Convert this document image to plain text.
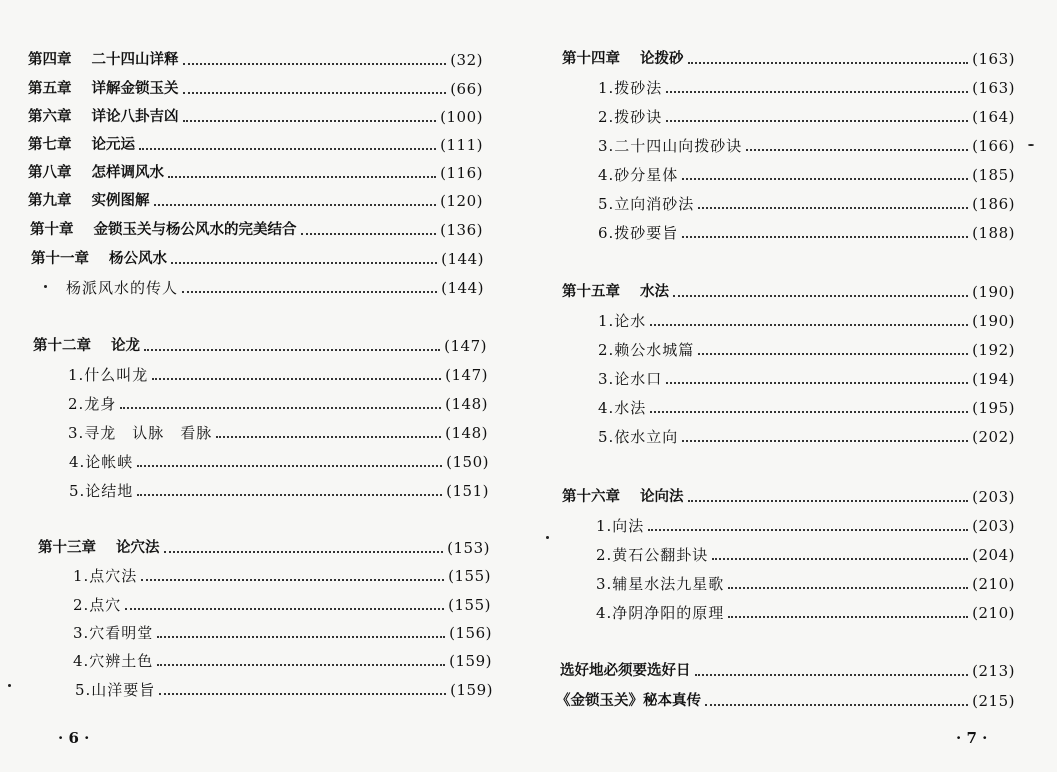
第四章 二十四山详释	(32)
第五章 详解金锁玉关	(66)
第六章 详论八卦吉凶	(100)
第七章 论元运	(111)
第八章 怎样调风水	(116)
第九章 实例图解	(120)
第十章 金锁玉关与杨公风水的完美结合	(136)
第十一章 杨公风水	(144)
杨派风水的传人	(144)
第十二章 论龙	(147)
1.什么叫龙	(147)
2.龙身	(148)
3.寻龙　认脉　看脉	(148)
4.论帐峡	(150)
5.论结地	(151)
第十三章 论穴法	(153)
1.点穴法	(155)
2.点穴	(155)
3.穴看明堂	(156)
4.穴辨土色	(159)
5.山洋要旨	(159)
· 6 ·
第十四章 论拨砂	(163)
1.拨砂法	(163)
2.拨砂诀	(164)
3.二十四山向拨砂诀	(166)
4.砂分星体	(185)
5.立向消砂法	(186)
6.拨砂要旨	(188)
第十五章 水法	(190)
1.论水	(190)
2.赖公水城篇	(192)
3.论水口	(194)
4.水法	(195)
5.依水立向	(202)
第十六章 论向法	(203)
1.向法	(203)
2.黄石公翻卦诀	(204)
3.辅星水法九星歌	(210)
4.净阴净阳的原理	(210)
选好地必须要选好日	(213)
《金锁玉关》秘本真传	(215)
· 7 ·
